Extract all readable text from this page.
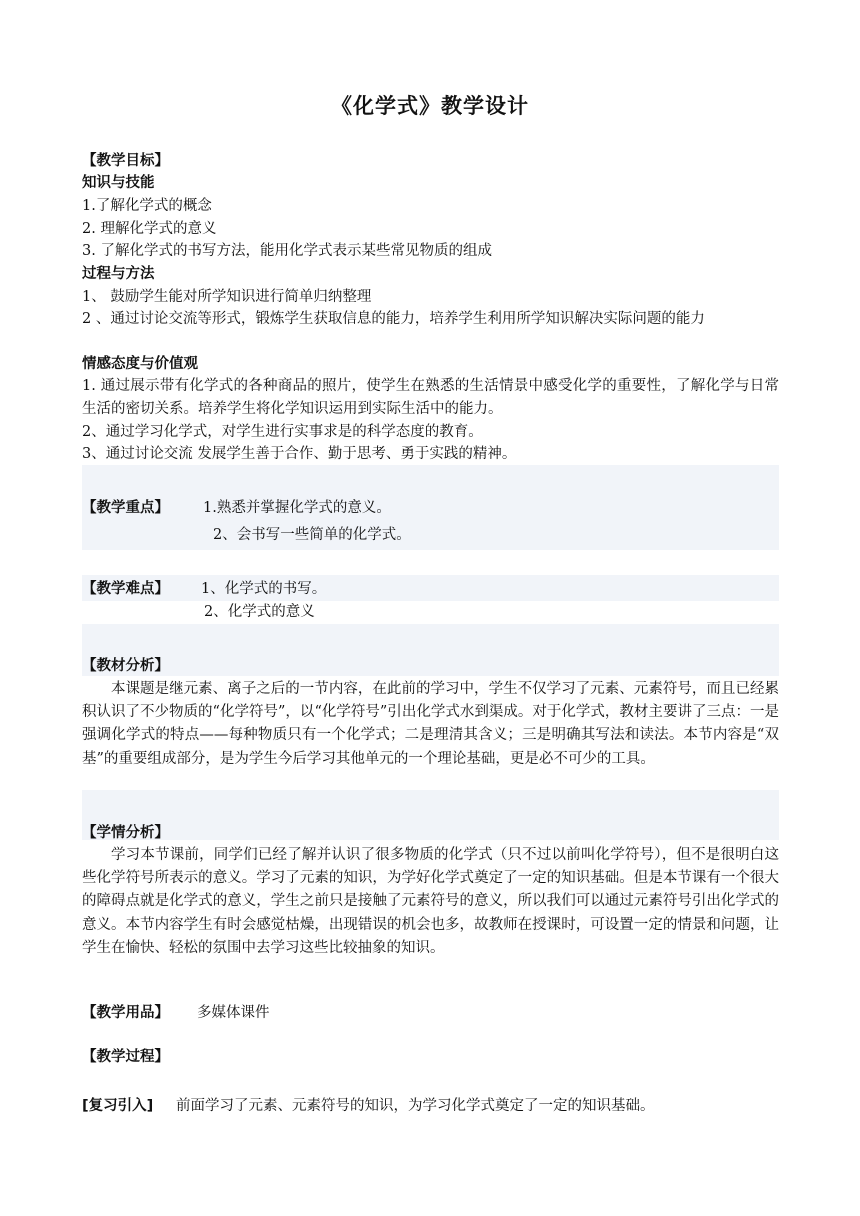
《化学式》教学设计
【教学目标】
知识与技能
1.了解化学式的概念
2. 理解化学式的意义
3. 了解化学式的书写方法，能用化学式表示某些常见物质的组成
过程与方法
1、 鼓励学生能对所学知识进行简单归纳整理
2 、通过讨论交流等形式，锻炼学生获取信息的能力，培养学生利用所学知识解决实际问题的能力
情感态度与价值观
1. 通过展示带有化学式的各种商品的照片，使学生在熟悉的生活情景中感受化学的重要性，了解化学与日常生活的密切关系。培养学生将化学知识运用到实际生活中的能力。
2、通过学习化学式，对学生进行实事求是的科学态度的教育。
3、通过讨论交流 发展学生善于合作、勤于思考、勇于实践的精神。
【教学重点】 1.熟悉并掌握化学式的意义。
2、会书写一些简单的化学式。
【教学难点】 1、化学式的书写。
2、化学式的意义
【教材分析】
本课题是继元素、离子之后的一节内容，在此前的学习中，学生不仅学习了元素、元素符号，而且已经累积认识了不少物质的“化学符号”，以“化学符号”引出化学式水到渠成。对于化学式，教材主要讲了三点：一是强调化学式的特点——每种物质只有一个化学式；二是理清其含义；三是明确其写法和读法。本节内容是“双基”的重要组成部分，是为学生今后学习其他单元的一个理论基础，更是必不可少的工具。
【学情分析】
学习本节课前，同学们已经了解并认识了很多物质的化学式（只不过以前叫化学符号），但不是很明白这些化学符号所表示的意义。学习了元素的知识，为学好化学式奠定了一定的知识基础。但是本节课有一个很大的障碍点就是化学式的意义，学生之前只是接触了元素符号的意义，所以我们可以通过元素符号引出化学式的意义。本节内容学生有时会感觉枯燥，出现错误的机会也多，故教师在授课时，可设置一定的情景和问题，让学生在愉快、轻松的氛围中去学习这些比较抽象的知识。
【教学用品】 多媒体课件
【教学过程】
[复习引入] 前面学习了元素、元素符号的知识，为学习化学式奠定了一定的知识基础。
